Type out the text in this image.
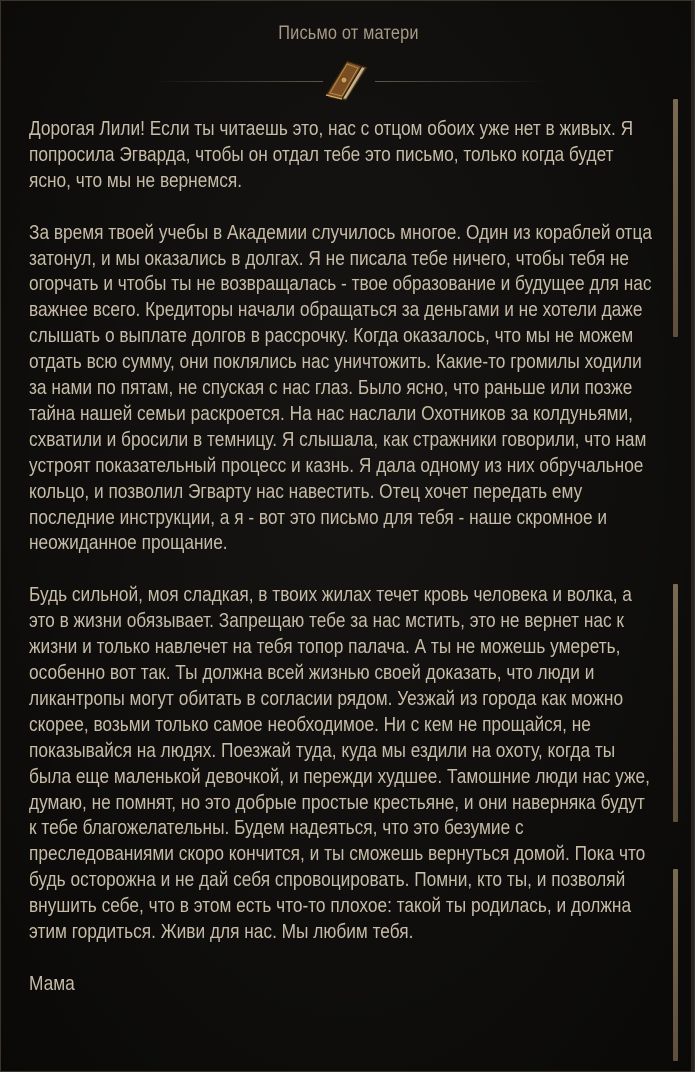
Письмо от матери

Дорогая Лили! Если ты читаешь это, нас с отцом обоих уже нет в живых. Я попросила Эгварда, чтобы он отдал тебе это письмо, только когда будет ясно, что мы не вернемся.

За время твоей учебы в Академии случилось многое. Один из кораблей отца затонул, и мы оказались в долгах. Я не писала тебе ничего, чтобы тебя не огорчать и чтобы ты не возвращалась - твое образование и будущее для нас важнее всего. Кредиторы начали обращаться за деньгами и не хотели даже слышать о выплате долгов в рассрочку. Когда оказалось, что мы не можем отдать всю сумму, они поклялись нас уничтожить. Какие-то громилы ходили за нами по пятам, не спуская с нас глаз. Было ясно, что раньше или позже тайна нашей семьи раскроется. На нас наслали Охотников за колдуньями, схватили и бросили в темницу. Я слышала, как стражники говорили, что нам устроят показательный процесс и казнь. Я дала одному из них обручальное кольцо, и позволил Эгварту нас навестить. Отец хочет передать ему последние инструкции, а я - вот это письмо для тебя - наше скромное и неожиданное прощание.

Будь сильной, моя сладкая, в твоих жилах течет кровь человека и волка, а это в жизни обязывает. Запрещаю тебе за нас мстить, это не вернет нас к жизни и только навлечет на тебя топор палача. А ты не можешь умереть, особенно вот так. Ты должна всей жизнью своей доказать, что люди и ликантропы могут обитать в согласии рядом. Уезжай из города как можно скорее, возьми только самое необходимое. Ни с кем не прощайся, не показывайся на людях. Поезжай туда, куда мы ездили на охоту, когда ты была еще маленькой девочкой, и пережди худшее. Тамошние люди нас уже, думаю, не помнят, но это добрые простые крестьяне, и они наверняка будут к тебе благожелательны. Будем надеяться, что это безумие с преследованиями скоро кончится, и ты сможешь вернуться домой. Пока что будь осторожна и не дай себя спровоцировать. Помни, кто ты, и позволяй внушить себе, что в этом есть что-то плохое: такой ты родилась, и должна этим гордиться. Живи для нас. Мы любим тебя.

Мама
